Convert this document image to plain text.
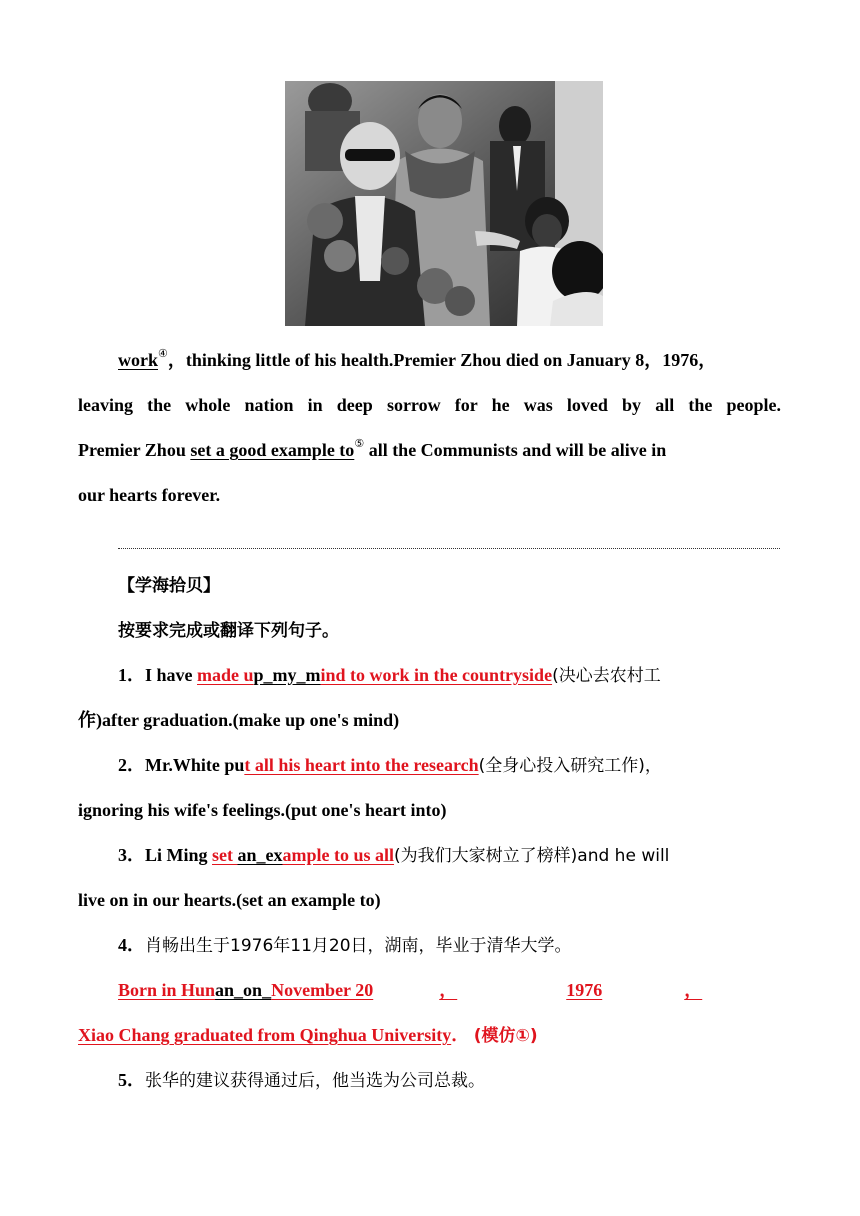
work④，thinking little of his health.Premier Zhou died on January 8，1976，
leaving the whole nation in deep sorrow for he was loved by all the people.
Premier Zhou set a good example to⑤ all the Communists and will be alive in
our hearts forever.
【学海拾贝】
按要求完成或翻译下列句子。
1．I have made up_my_mind to work in the countryside(决心去农村工
作)after graduation.(make up one's mind)
2．Mr.White put all his heart into the research(全身心投入研究工作)，
ignoring his wife's feelings.(put one's heart into)
3．Li Ming set an_example to us all(为我们大家树立了榜样)and he will
live on in our hearts.(set an example to)
4．肖畅出生于1976年11月20日，湖南，毕业于清华大学。
Born in Hunan_on_November 20	，	1976	，
Xiao Chang graduated from Qinghua University． (模仿①)
5．张华的建议获得通过后，他当选为公司总裁。
